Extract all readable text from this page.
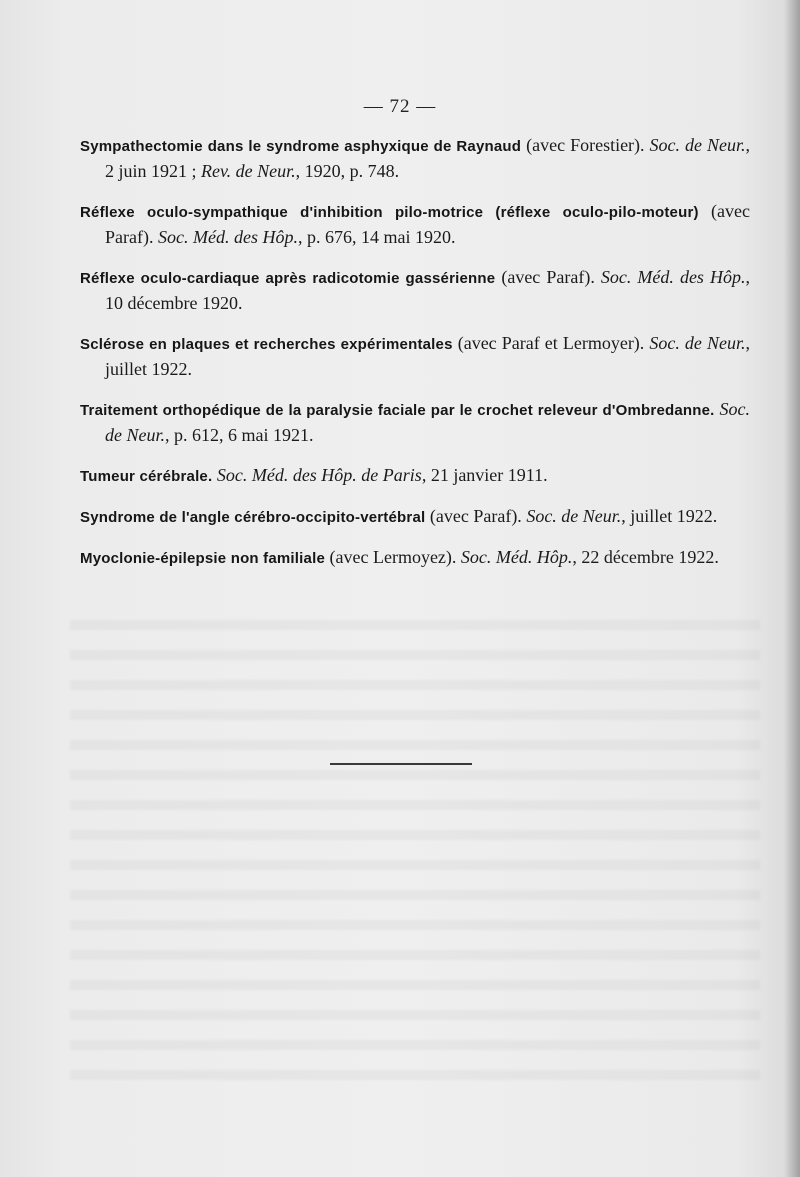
— 72 —

Sympathectomie dans le syndrome asphyxique de Raynaud (avec Forestier). Soc. de Neur., 2 juin 1921 ; Rev. de Neur., 1920, p. 748.

Réflexe oculo-sympathique d'inhibition pilo-motrice (réflexe oculo-pilo-moteur) (avec Paraf). Soc. Méd. des Hôp., p. 676, 14 mai 1920.

Réflexe oculo-cardiaque après radicotomie gassérienne (avec Paraf). Soc. Méd. des Hôp., 10 décembre 1920.

Sclérose en plaques et recherches expérimentales (avec Paraf et Lermoyer). Soc. de Neur., juillet 1922.

Traitement orthopédique de la paralysie faciale par le crochet releveur d'Ombredanne. Soc. de Neur., p. 612, 6 mai 1921.

Tumeur cérébrale. Soc. Méd. des Hôp. de Paris, 21 janvier 1911.

Syndrome de l'angle cérébro-occipito-vertébral (avec Paraf). Soc. de Neur., juillet 1922.

Myoclonie-épilepsie non familiale (avec Lermoyez). Soc. Méd. Hôp., 22 décembre 1922.
